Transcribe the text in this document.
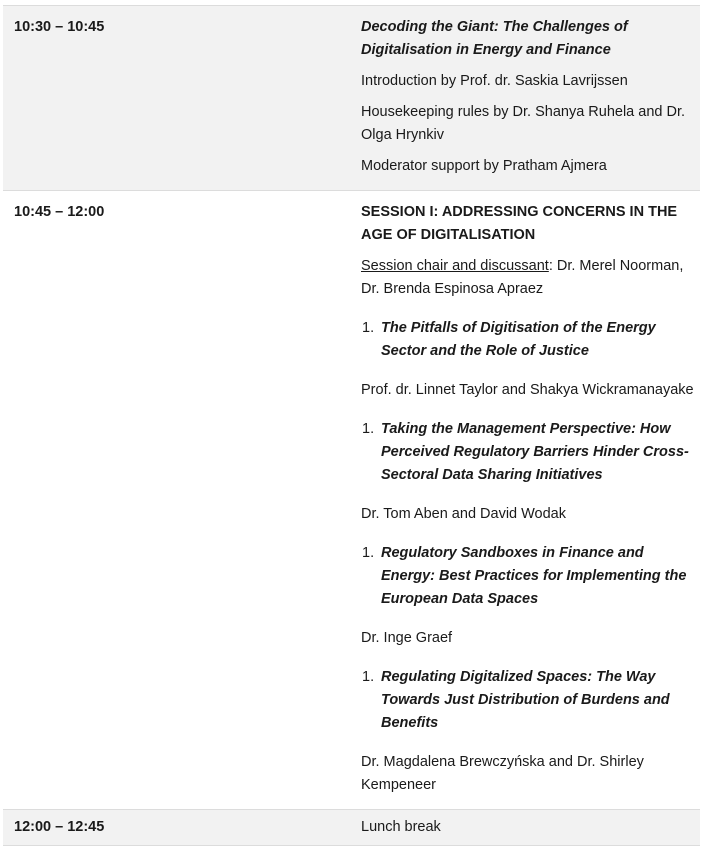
10:30 – 10:45	Decoding the Giant: The Challenges of Digitalisation in Energy and Finance

Introduction by Prof. dr. Saskia Lavrijssen

Housekeeping rules by Dr. Shanya Ruhela and Dr. Olga Hrynkiv

Moderator support by Pratham Ajmera

10:45 – 12:00	SESSION I: ADDRESSING CONCERNS IN THE AGE OF DIGITALISATION

Session chair and discussant: Dr. Merel Noorman, Dr. Brenda Espinosa Apraez

1. The Pitfalls of Digitisation of the Energy Sector and the Role of Justice

Prof. dr. Linnet Taylor and Shakya Wickramanayake

1. Taking the Management Perspective: How Perceived Regulatory Barriers Hinder Cross-Sectoral Data Sharing Initiatives

Dr. Tom Aben and David Wodak

1. Regulatory Sandboxes in Finance and Energy: Best Practices for Implementing the European Data Spaces

Dr. Inge Graef

1. Regulating Digitalized Spaces: The Way Towards Just Distribution of Burdens and Benefits

Dr. Magdalena Brewczyńska and Dr. Shirley Kempeneer

12:00 – 12:45	Lunch break
